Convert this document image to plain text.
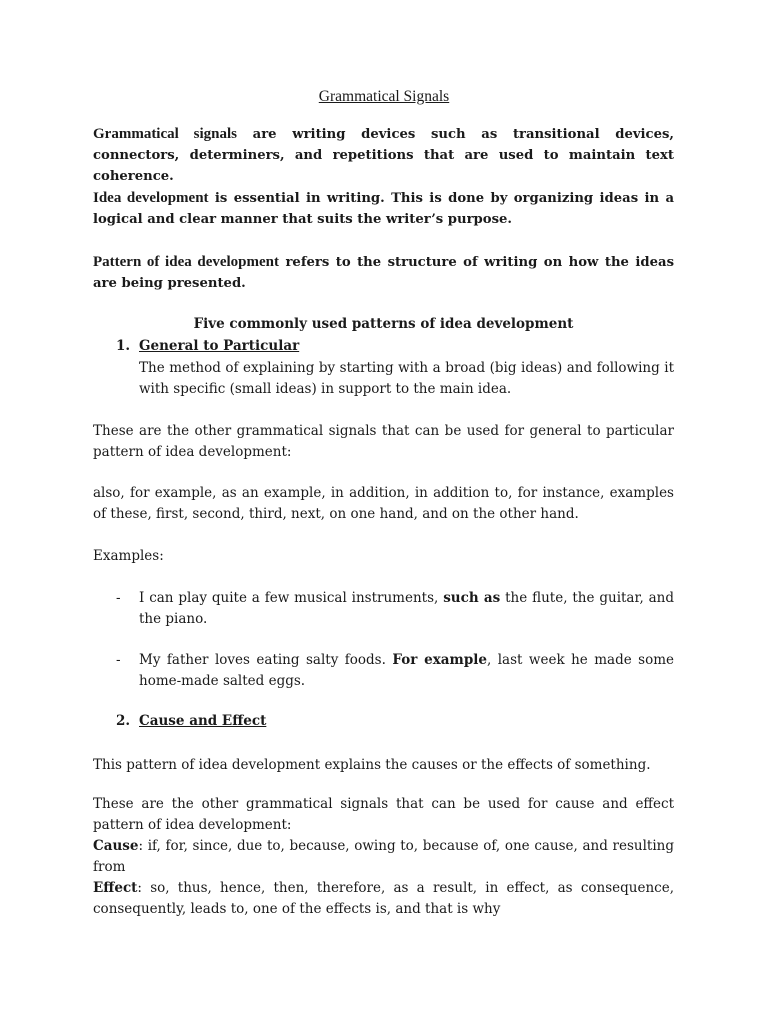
Grammatical Signals
Grammatical signals are writing devices such as transitional devices, connectors, determiners, and repetitions that are used to maintain text coherence.
Idea development is essential in writing. This is done by organizing ideas in a logical and clear manner that suits the writer’s purpose.
Pattern of idea development refers to the structure of writing on how the ideas are being presented.
Five commonly used patterns of idea development
1. General to Particular
The method of explaining by starting with a broad (big ideas) and following it with specific (small ideas) in support to the main idea.
These are the other grammatical signals that can be used for general to particular pattern of idea development:
also, for example, as an example, in addition, in addition to, for instance, examples of these, first, second, third, next, on one hand, and on the other hand.
Examples:
- I can play quite a few musical instruments, such as the flute, the guitar, and the piano.
- My father loves eating salty foods. For example, last week he made some home-made salted eggs.
2. Cause and Effect
This pattern of idea development explains the causes or the effects of something.
These are the other grammatical signals that can be used for cause and effect pattern of idea development:
Cause: if, for, since, due to, because, owing to, because of, one cause, and resulting from
Effect: so, thus, hence, then, therefore, as a result, in effect, as consequence, consequently, leads to, one of the effects is, and that is why
